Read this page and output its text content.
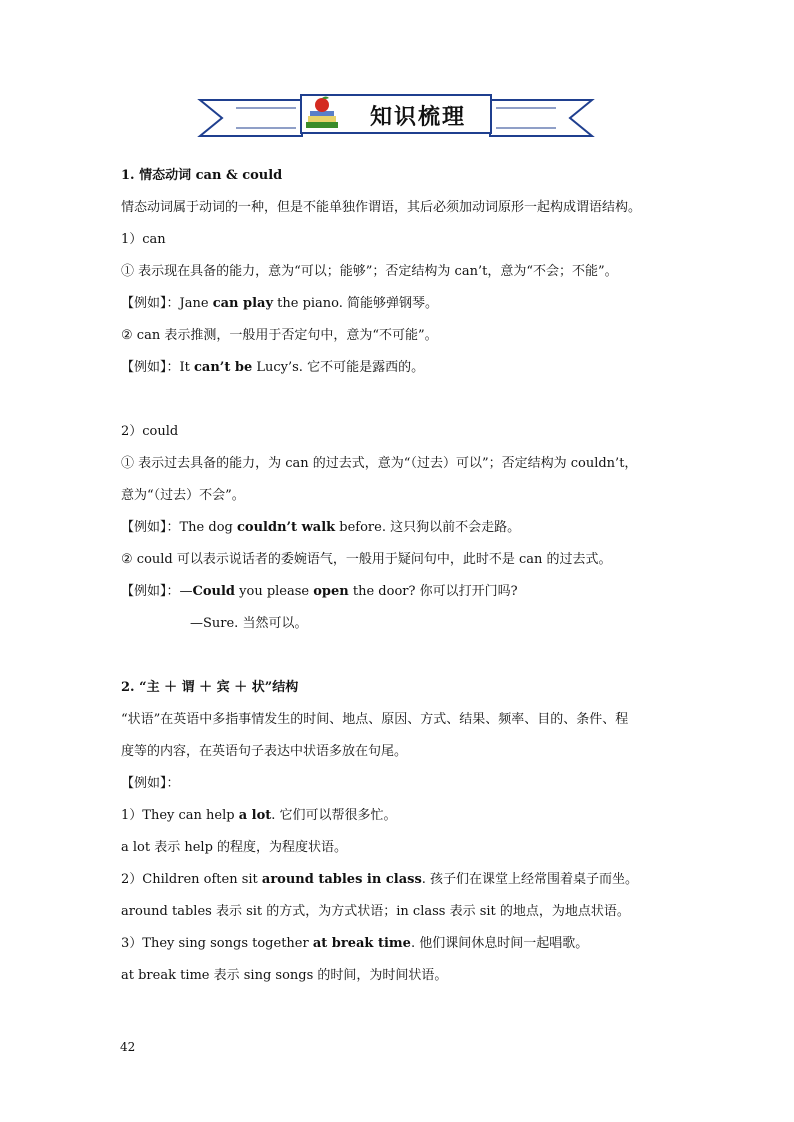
知识梳理
1. 情态动词 can & could
情态动词属于动词的一种，但是不能单独作谓语，其后必须加动词原形一起构成谓语结构。
1）can
① 表示现在具备的能力，意为“可以；能够”；否定结构为 can’t，意为“不会；不能”。
【例如】：Jane can play the piano. 简能够弹钢琴。
② can 表示推测，一般用于否定句中，意为“不可能”。
【例如】：It can’t be Lucy’s. 它不可能是露西的。
2）could
① 表示过去具备的能力，为 can 的过去式，意为“（过去）可以”；否定结构为 couldn’t，
意为“（过去）不会”。
【例如】：The dog couldn’t walk before. 这只狗以前不会走路。
② could 可以表示说话者的委婉语气，一般用于疑问句中，此时不是 can 的过去式。
【例如】：—Could you please open the door? 你可以打开门吗?
—Sure. 当然可以。
2. “主 ＋ 谓 ＋ 宾 ＋ 状”结构
“状语”在英语中多指事情发生的时间、地点、原因、方式、结果、频率、目的、条件、程
度等的内容，在英语句子表达中状语多放在句尾。
【例如】：
1）They can help a lot. 它们可以帮很多忙。
a lot 表示 help 的程度，为程度状语。
2）Children often sit around tables in class. 孩子们在课堂上经常围着桌子而坐。
around tables 表示 sit 的方式，为方式状语；in class 表示 sit 的地点，为地点状语。
3）They sing songs together at break time. 他们课间休息时间一起唱歌。
at break time 表示 sing songs 的时间，为时间状语。
42
